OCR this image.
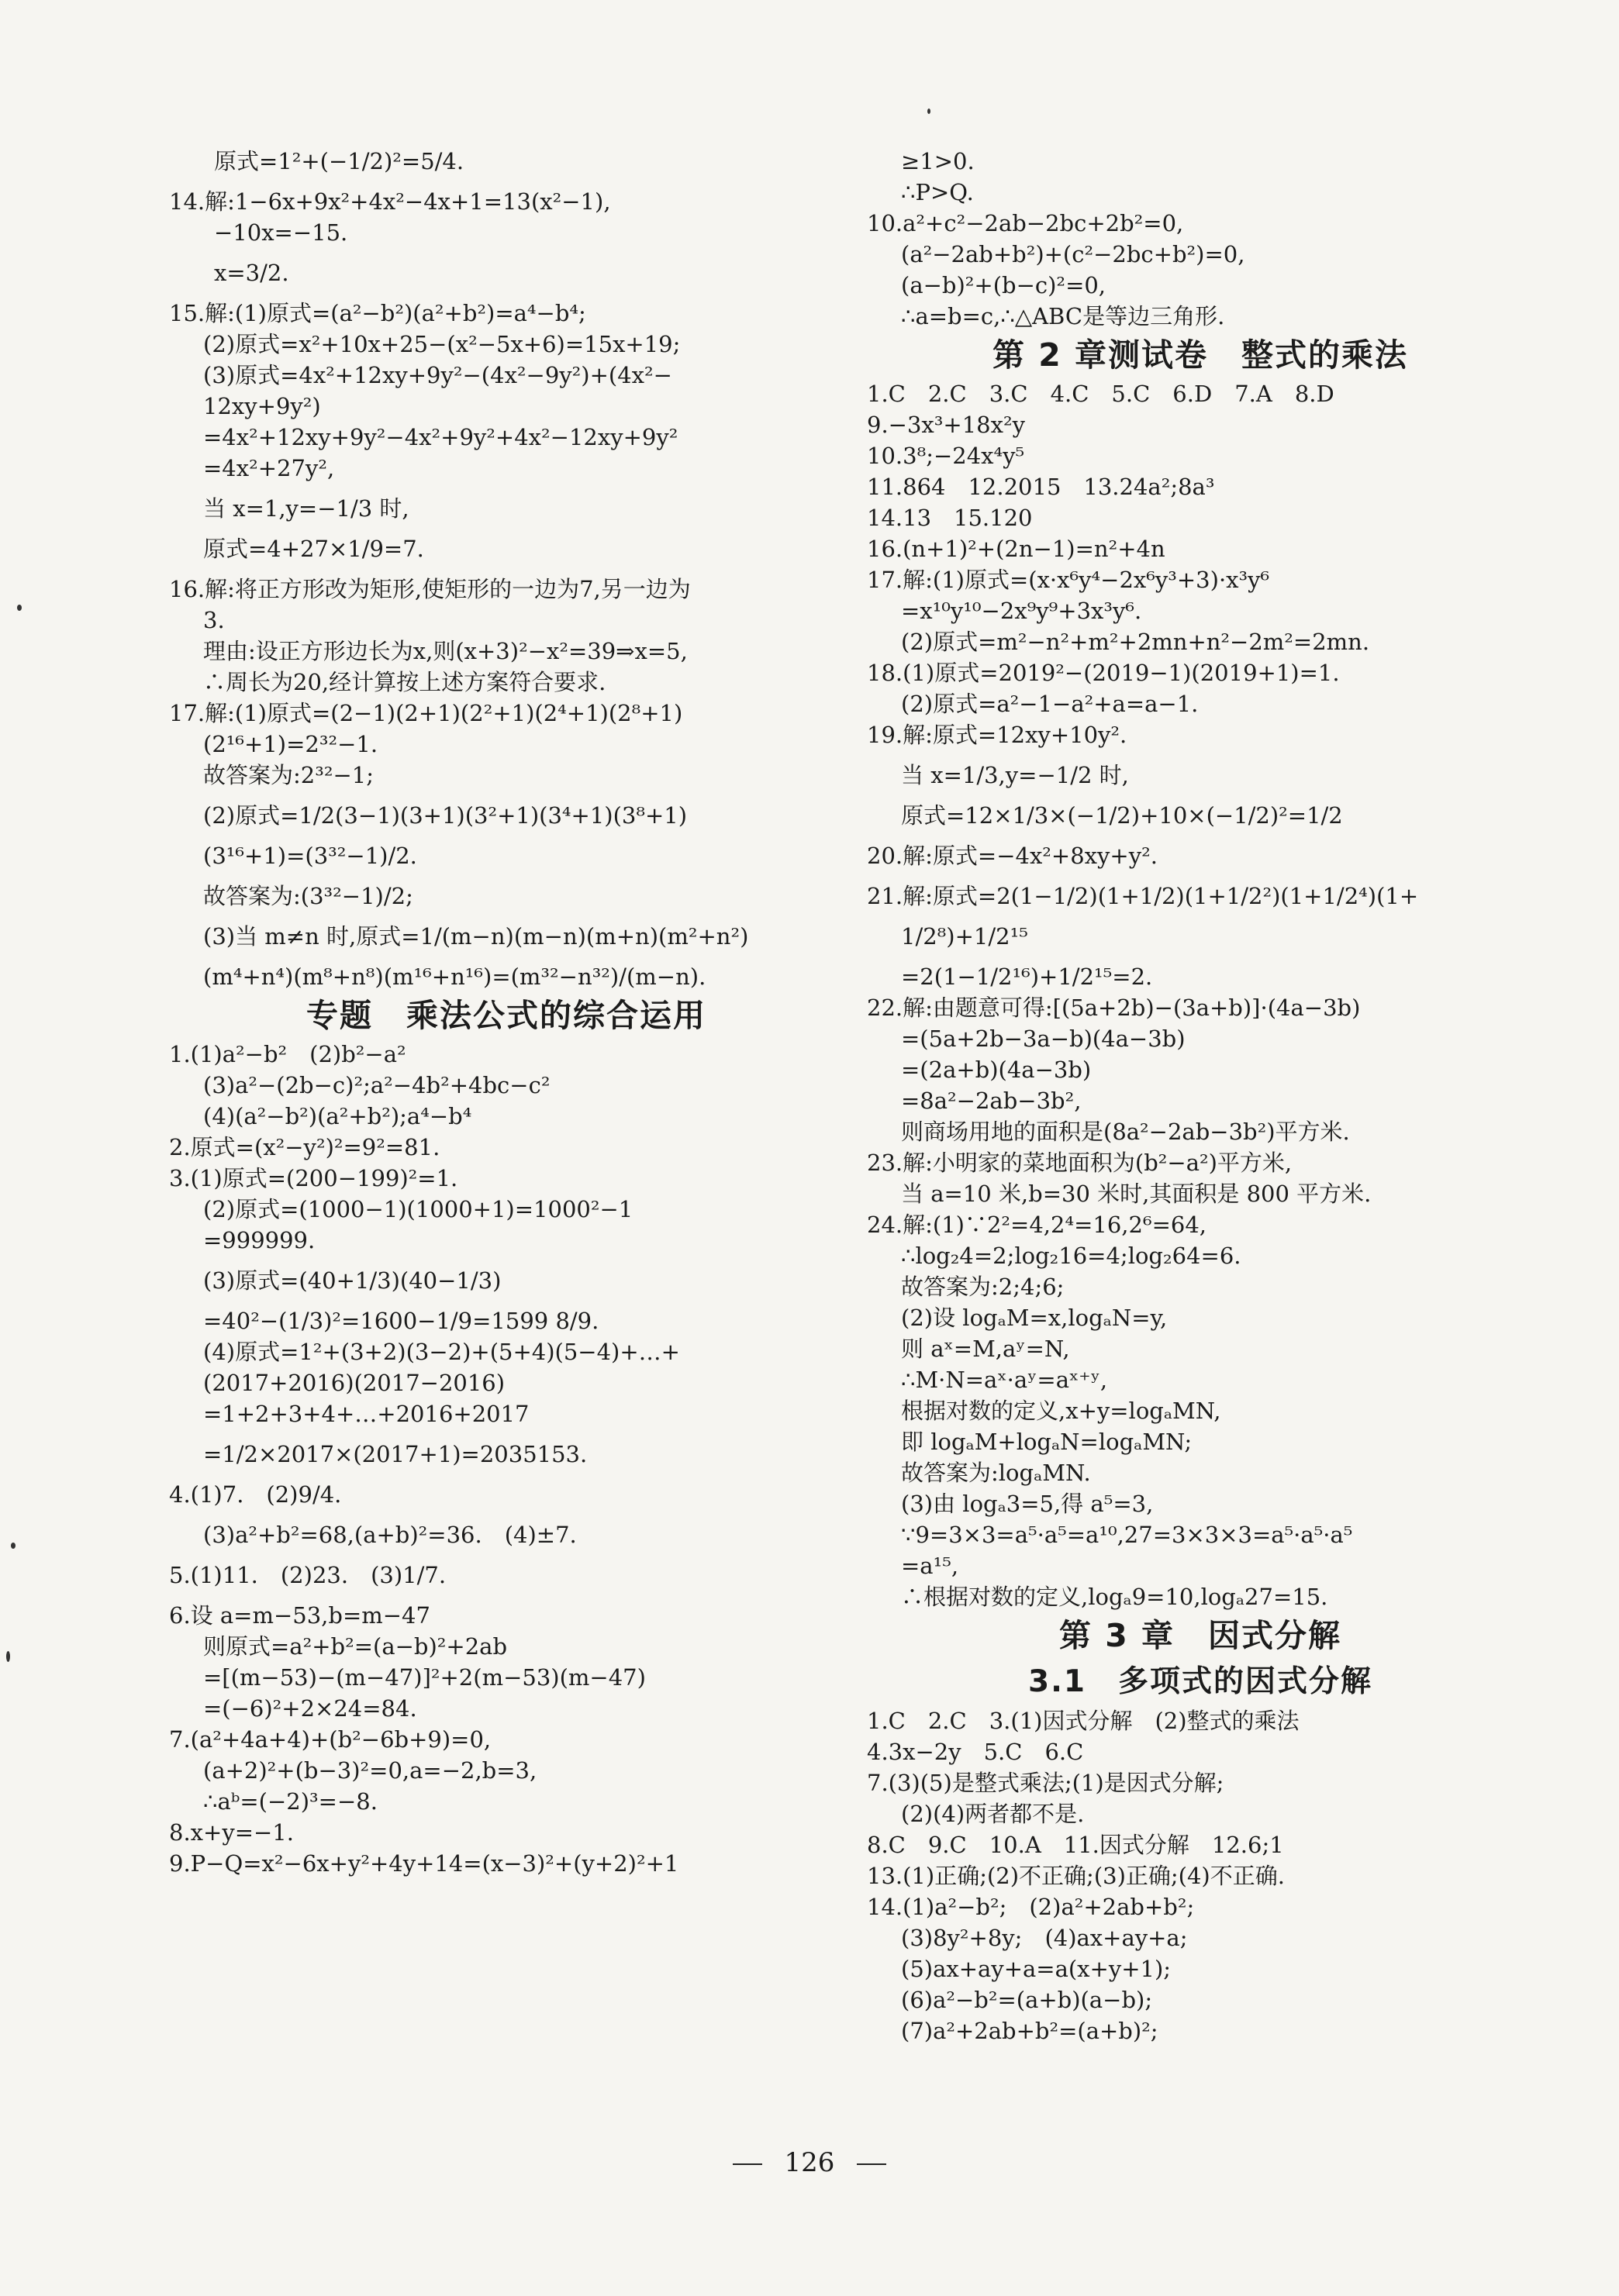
原式=1²+(−1/2)²=5/4.
14.解:1−6x+9x²+4x²−4x+1=13(x²−1),
−10x=−15.
x=3/2.
15.解:(1)原式=(a²−b²)(a²+b²)=a⁴−b⁴;
(2)原式=x²+10x+25−(x²−5x+6)=15x+19;
(3)原式=4x²+12xy+9y²−(4x²−9y²)+(4x²−
12xy+9y²)
=4x²+12xy+9y²−4x²+9y²+4x²−12xy+9y²
=4x²+27y²,
当 x=1,y=−1/3 时,
原式=4+27×1/9=7.
16.解:将正方形改为矩形,使矩形的一边为7,另一边为
3.
理由:设正方形边长为x,则(x+3)²−x²=39⇒x=5,
∴周长为20,经计算按上述方案符合要求.
17.解:(1)原式=(2−1)(2+1)(2²+1)(2⁴+1)(2⁸+1)
(2¹⁶+1)=2³²−1.
故答案为:2³²−1;
(2)原式=1/2(3−1)(3+1)(3²+1)(3⁴+1)(3⁸+1)
(3¹⁶+1)=(3³²−1)/2.
故答案为:(3³²−1)/2;
(3)当 m≠n 时,原式=1/(m−n)(m−n)(m+n)(m²+n²)
(m⁴+n⁴)(m⁸+n⁸)(m¹⁶+n¹⁶)=(m³²−n³²)/(m−n).
专题　乘法公式的综合运用
1.(1)a²−b²　(2)b²−a²
(3)a²−(2b−c)²;a²−4b²+4bc−c²
(4)(a²−b²)(a²+b²);a⁴−b⁴
2.原式=(x²−y²)²=9²=81.
3.(1)原式=(200−199)²=1.
(2)原式=(1000−1)(1000+1)=1000²−1
=999999.
(3)原式=(40+1/3)(40−1/3)
=40²−(1/3)²=1600−1/9=1599 8/9.
(4)原式=1²+(3+2)(3−2)+(5+4)(5−4)+…+
(2017+2016)(2017−2016)
=1+2+3+4+…+2016+2017
=1/2×2017×(2017+1)=2035153.
4.(1)7.　(2)9/4.
(3)a²+b²=68,(a+b)²=36.　(4)±7.
5.(1)11.　(2)23.　(3)1/7.
6.设 a=m−53,b=m−47
则原式=a²+b²=(a−b)²+2ab
=[(m−53)−(m−47)]²+2(m−53)(m−47)
=(−6)²+2×24=84.
7.(a²+4a+4)+(b²−6b+9)=0,
(a+2)²+(b−3)²=0,a=−2,b=3,
∴aᵇ=(−2)³=−8.
8.x+y=−1.
9.P−Q=x²−6x+y²+4y+14=(x−3)²+(y+2)²+1
≥1>0.
∴P>Q.
10.a²+c²−2ab−2bc+2b²=0,
(a²−2ab+b²)+(c²−2bc+b²)=0,
(a−b)²+(b−c)²=0,
∴a=b=c,∴△ABC是等边三角形.
第 2 章测试卷　整式的乘法
1.C　2.C　3.C　4.C　5.C　6.D　7.A　8.D
9.−3x³+18x²y
10.3⁸;−24x⁴y⁵
11.864　12.2015　13.24a²;8a³
14.13　15.120
16.(n+1)²+(2n−1)=n²+4n
17.解:(1)原式=(x·x⁶y⁴−2x⁶y³+3)·x³y⁶
=x¹⁰y¹⁰−2x⁹y⁹+3x³y⁶.
(2)原式=m²−n²+m²+2mn+n²−2m²=2mn.
18.(1)原式=2019²−(2019−1)(2019+1)=1.
(2)原式=a²−1−a²+a=a−1.
19.解:原式=12xy+10y².
当 x=1/3,y=−1/2 时,
原式=12×1/3×(−1/2)+10×(−1/2)²=1/2
20.解:原式=−4x²+8xy+y².
21.解:原式=2(1−1/2)(1+1/2)(1+1/2²)(1+1/2⁴)(1+
1/2⁸)+1/2¹⁵
=2(1−1/2¹⁶)+1/2¹⁵=2.
22.解:由题意可得:[(5a+2b)−(3a+b)]·(4a−3b)
=(5a+2b−3a−b)(4a−3b)
=(2a+b)(4a−3b)
=8a²−2ab−3b²,
则商场用地的面积是(8a²−2ab−3b²)平方米.
23.解:小明家的菜地面积为(b²−a²)平方米,
当 a=10 米,b=30 米时,其面积是 800 平方米.
24.解:(1)∵2²=4,2⁴=16,2⁶=64,
∴log₂4=2;log₂16=4;log₂64=6.
故答案为:2;4;6;
(2)设 logₐM=x,logₐN=y,
则 aˣ=M,aʸ=N,
∴M·N=aˣ·aʸ=aˣ⁺ʸ,
根据对数的定义,x+y=logₐMN,
即 logₐM+logₐN=logₐMN;
故答案为:logₐMN.
(3)由 logₐ3=5,得 a⁵=3,
∵9=3×3=a⁵·a⁵=a¹⁰,27=3×3×3=a⁵·a⁵·a⁵
=a¹⁵,
∴根据对数的定义,logₐ9=10,logₐ27=15.
第 3 章　因式分解
3.1　多项式的因式分解
1.C　2.C　3.(1)因式分解　(2)整式的乘法
4.3x−2y　5.C　6.C
7.(3)(5)是整式乘法;(1)是因式分解;
(2)(4)两者都不是.
8.C　9.C　10.A　11.因式分解　12.6;1
13.(1)正确;(2)不正确;(3)正确;(4)不正确.
14.(1)a²−b²;　(2)a²+2ab+b²;
(3)8y²+8y;　(4)ax+ay+a;
(5)ax+ay+a=a(x+y+1);
(6)a²−b²=(a+b)(a−b);
(7)a²+2ab+b²=(a+b)²;
126
